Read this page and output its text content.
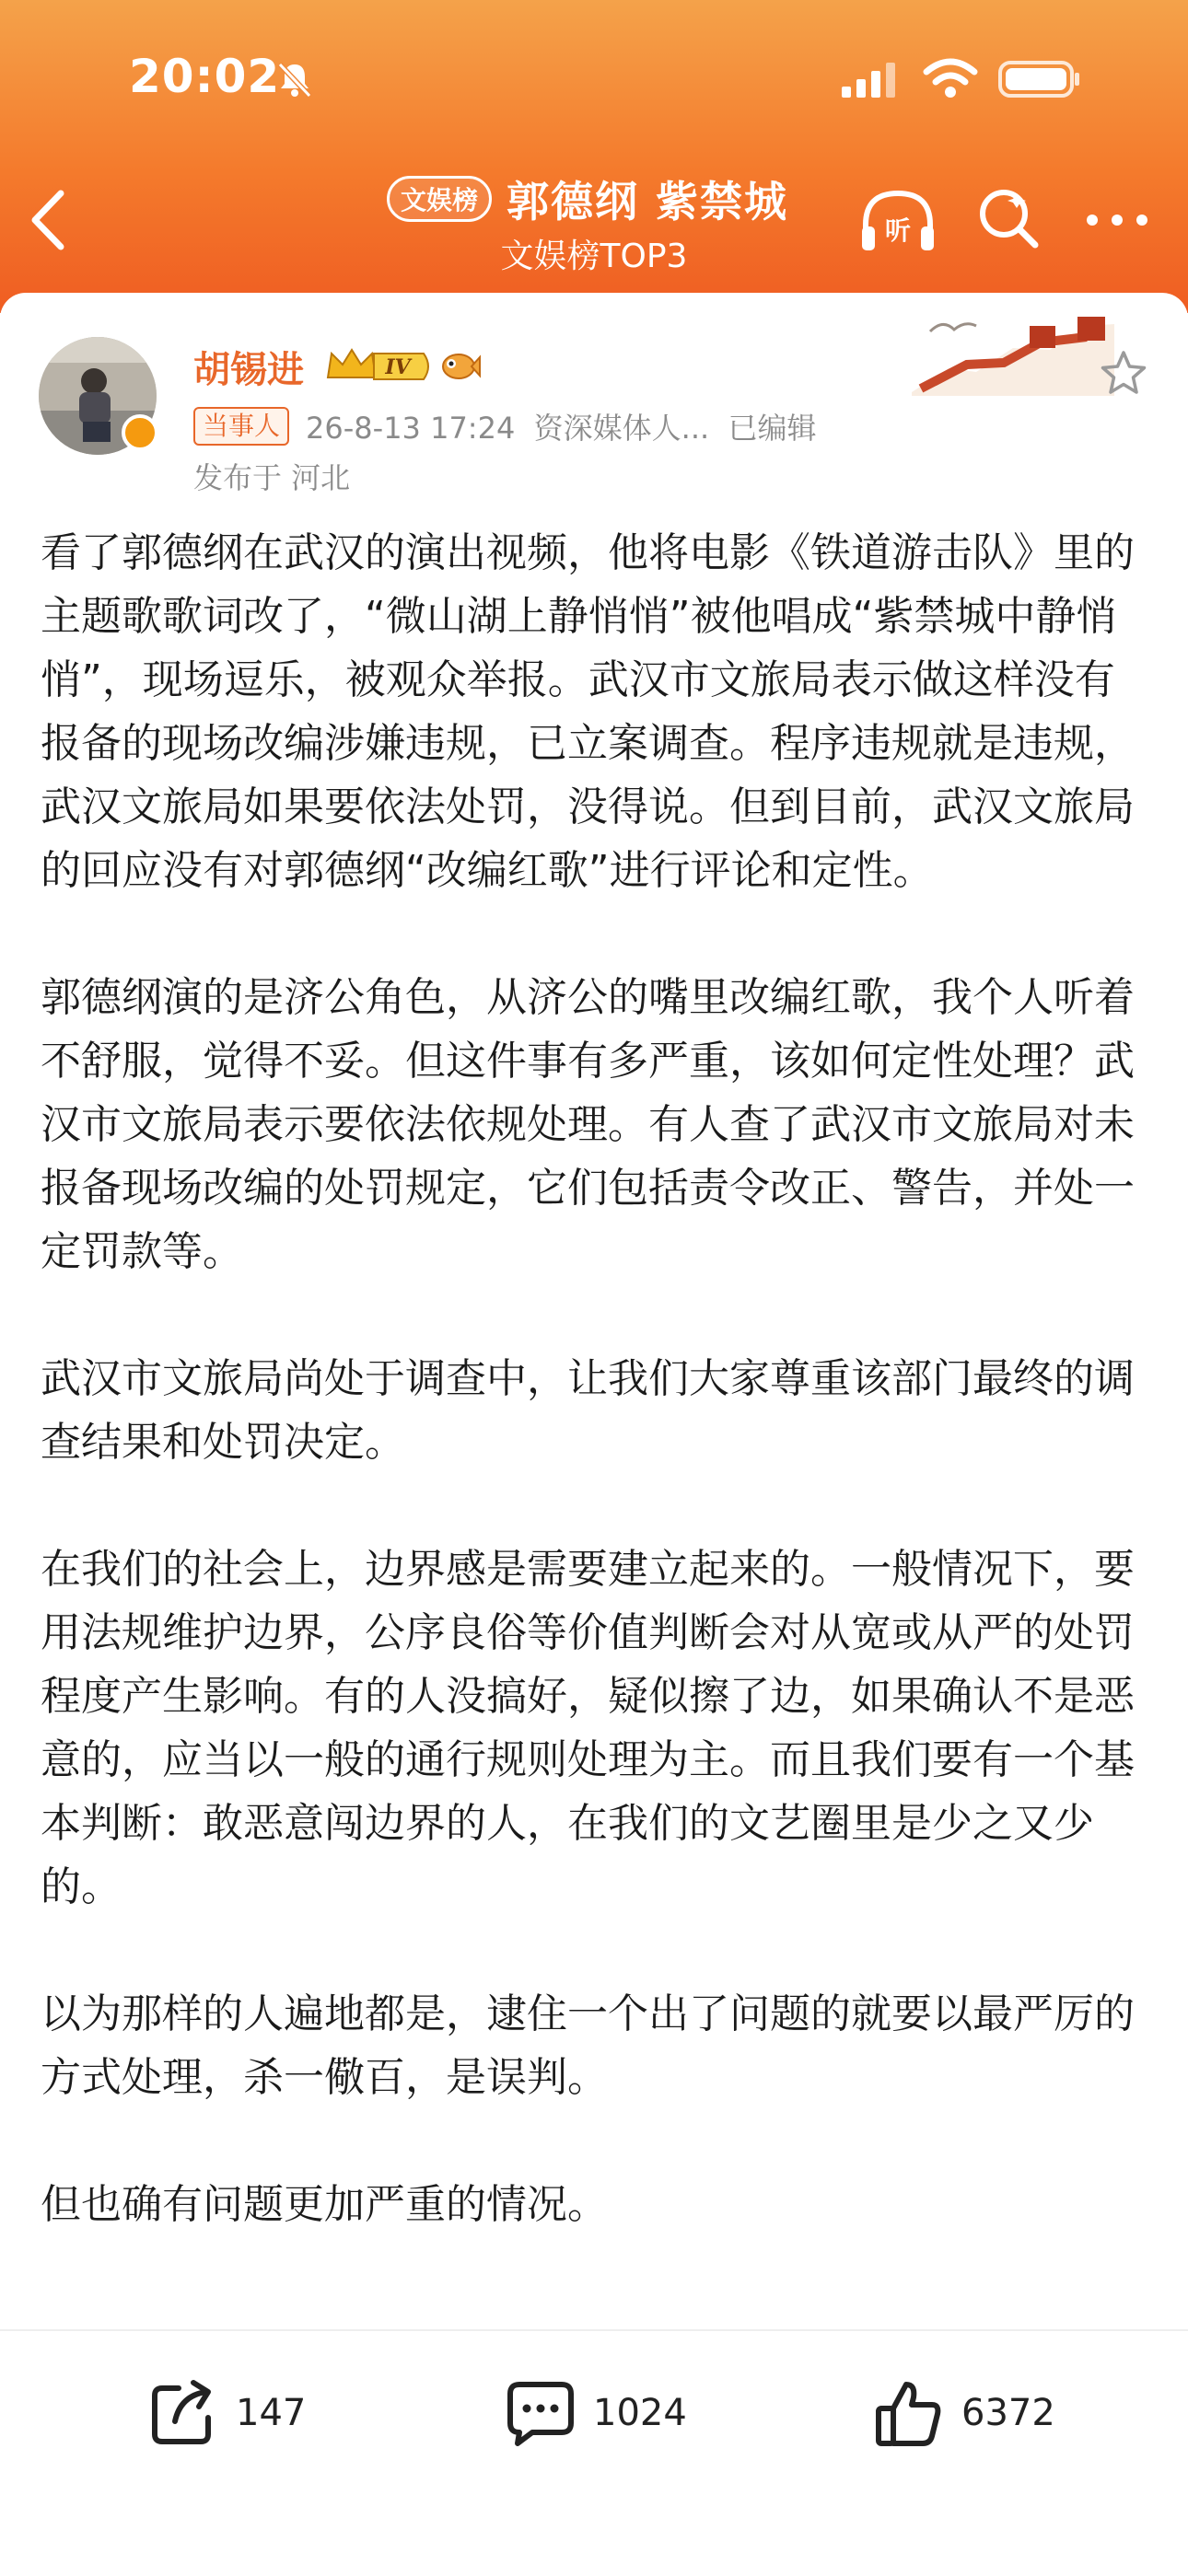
20:02
文娱榜 郭德纲 紫禁城
文娱榜TOP3
听
胡锡进	IV
当事人 26-8-13 17:24  资深媒体人...  已编辑
发布于 河北

看了郭德纲在武汉的演出视频，他将电影《铁道游击队》里的主题歌歌词改了，“微山湖上静悄悄”被他唱成“紫禁城中静悄悄”，现场逗乐，被观众举报。武汉市文旅局表示做这样没有报备的现场改编涉嫌违规，已立案调查。程序违规就是违规，武汉文旅局如果要依法处罚，没得说。但到目前，武汉文旅局的回应没有对郭德纲“改编红歌”进行评论和定性。

郭德纲演的是济公角色，从济公的嘴里改编红歌，我个人听着不舒服，觉得不妥。但这件事有多严重，该如何定性处理？武汉市文旅局表示要依法依规处理。有人查了武汉市文旅局对未报备现场改编的处罚规定，它们包括责令改正、警告，并处一定罚款等。

武汉市文旅局尚处于调查中，让我们大家尊重该部门最终的调查结果和处罚决定。

在我们的社会上，边界感是需要建立起来的。一般情况下，要用法规维护边界，公序良俗等价值判断会对从宽或从严的处罚程度产生影响。有的人没搞好，疑似擦了边，如果确认不是恶意的，应当以一般的通行规则处理为主。而且我们要有一个基本判断：敢恶意闯边界的人，在我们的文艺圈里是少之又少的。

以为那样的人遍地都是，逮住一个出了问题的就要以最严厉的方式处理，杀一儆百，是误判。

但也确有问题更加严重的情况。

147	1024	6372
